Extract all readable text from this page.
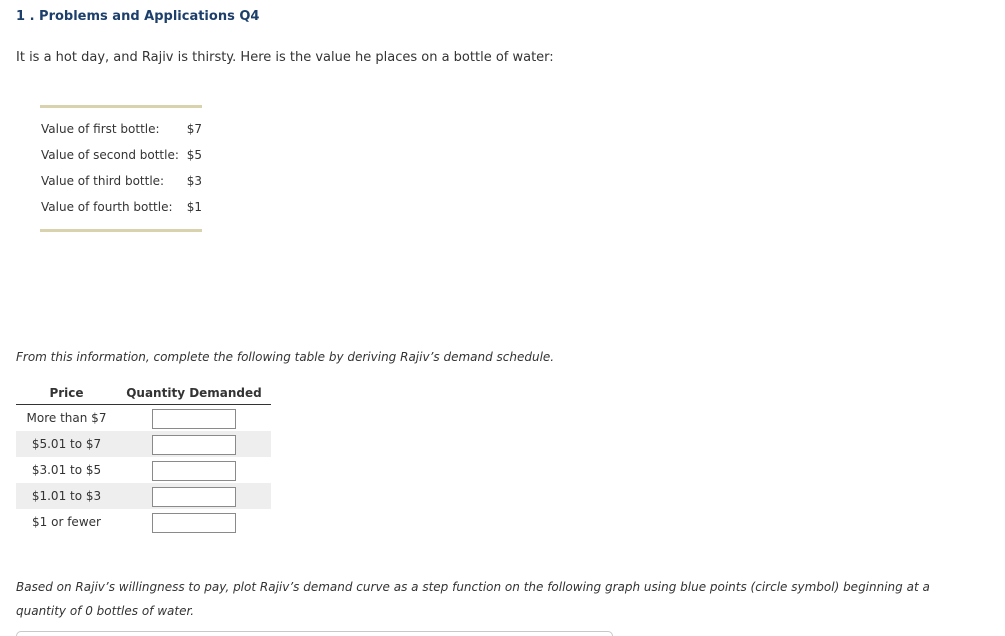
1 . Problems and Applications Q4
It is a hot day, and Rajiv is thirsty. Here is the value he places on a bottle of water:
Value of first bottle:	$7
Value of second bottle:	$5
Value of third bottle:	$3
Value of fourth bottle:	$1
From this information, complete the following table by deriving Rajiv’s demand schedule.
Price	Quantity Demanded
More than $7
$5.01 to $7
$3.01 to $5
$1.01 to $3
$1 or fewer
Based on Rajiv’s willingness to pay, plot Rajiv’s demand curve as a step function on the following graph using blue points (circle symbol) beginning at a quantity of 0 bottles of water.
